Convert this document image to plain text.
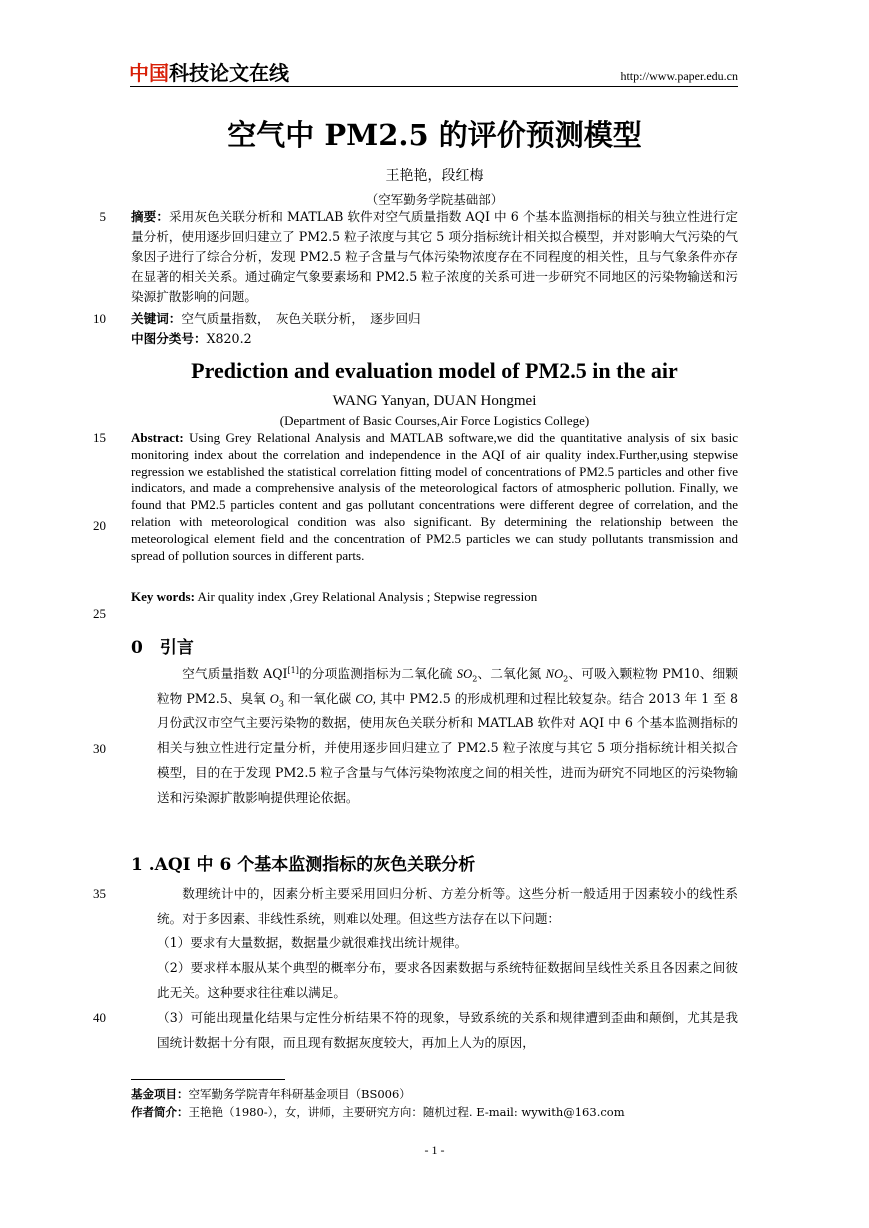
中国科技论文在线	http://www.paper.edu.cn
空气中 PM2.5 的评价预测模型
王艳艳，段红梅
（空军勤务学院基础部）
5
10
15
20
25
30
35
40
摘要：采用灰色关联分析和 MATLAB 软件对空气质量指数 AQI 中 6 个基本监测指标的相关与独立性进行定量分析，使用逐步回归建立了 PM2.5 粒子浓度与其它 5 项分指标统计相关拟合模型，并对影响大气污染的气象因子进行了综合分析，发现 PM2.5 粒子含量与气体污染物浓度存在不同程度的相关性，且与气象条件亦存在显著的相关关系。通过确定气象要素场和 PM2.5 粒子浓度的关系可进一步研究不同地区的污染物输送和污染源扩散影响的问题。
关键词：空气质量指数，　灰色关联分析，　逐步回归
中图分类号：X820.2
Prediction and evaluation model of PM2.5 in the air
WANG Yanyan, DUAN Hongmei
(Department of Basic Courses,Air Force Logistics College)
Abstract: Using Grey Relational Analysis and MATLAB software,we did the quantitative analysis of six basic monitoring index about the correlation and independence in the AQI of air quality index.Further,using stepwise regression we established the statistical correlation fitting model of concentrations of PM2.5 particles and other five indicators, and made a comprehensive analysis of the meteorological factors of atmospheric pollution. Finally, we found that PM2.5 particles content and gas pollutant concentrations were different degree of correlation, and the relation with meteorological condition was also significant. By determining the relationship between the meteorological element field and the concentration of PM2.5 particles we can study pollutants transmission and spread of pollution sources in different parts.
Key words: Air quality index ,Grey Relational Analysis ; Stepwise regression
0　引言
空气质量指数 AQI[1]的分项监测指标为二氧化硫 $SO_2$、二氧化氮 $NO_2$、可吸入颗粒物 PM10、细颗粒物 PM2.5、臭氧 $O_3$ 和一氧化碳 CO, 其中 PM2.5 的形成机理和过程比较复杂。结合 2013 年 1 至 8 月份武汉市空气主要污染物的数据，使用灰色关联分析和 MATLAB 软件对 AQI 中 6 个基本监测指标的相关与独立性进行定量分析，并使用逐步回归建立了 PM2.5 粒子浓度与其它 5 项分指标统计相关拟合模型，目的在于发现 PM2.5 粒子含量与气体污染物浓度之间的相关性，进而为研究不同地区的污染物输送和污染源扩散影响提供理论依据。
1 .AQI 中 6 个基本监测指标的灰色关联分析
数理统计中的，因素分析主要采用回归分析、方差分析等。这些分析一般适用于因素较小的线性系统。对于多因素、非线性系统，则难以处理。但这些方法存在以下问题：
（1）要求有大量数据，数据量少就很难找出统计规律。
（2）要求样本服从某个典型的概率分布，要求各因素数据与系统特征数据间呈线性关系且各因素之间彼此无关。这种要求往往难以满足。
（3）可能出现量化结果与定性分析结果不符的现象，导致系统的关系和规律遭到歪曲和颠倒，尤其是我国统计数据十分有限，而且现有数据灰度较大，再加上人为的原因，
基金项目：空军勤务学院青年科研基金项目（BS006）
作者简介：王艳艳（1980-），女，讲师，主要研究方向：随机过程. E-mail: wywith@163.com
- 1 -
